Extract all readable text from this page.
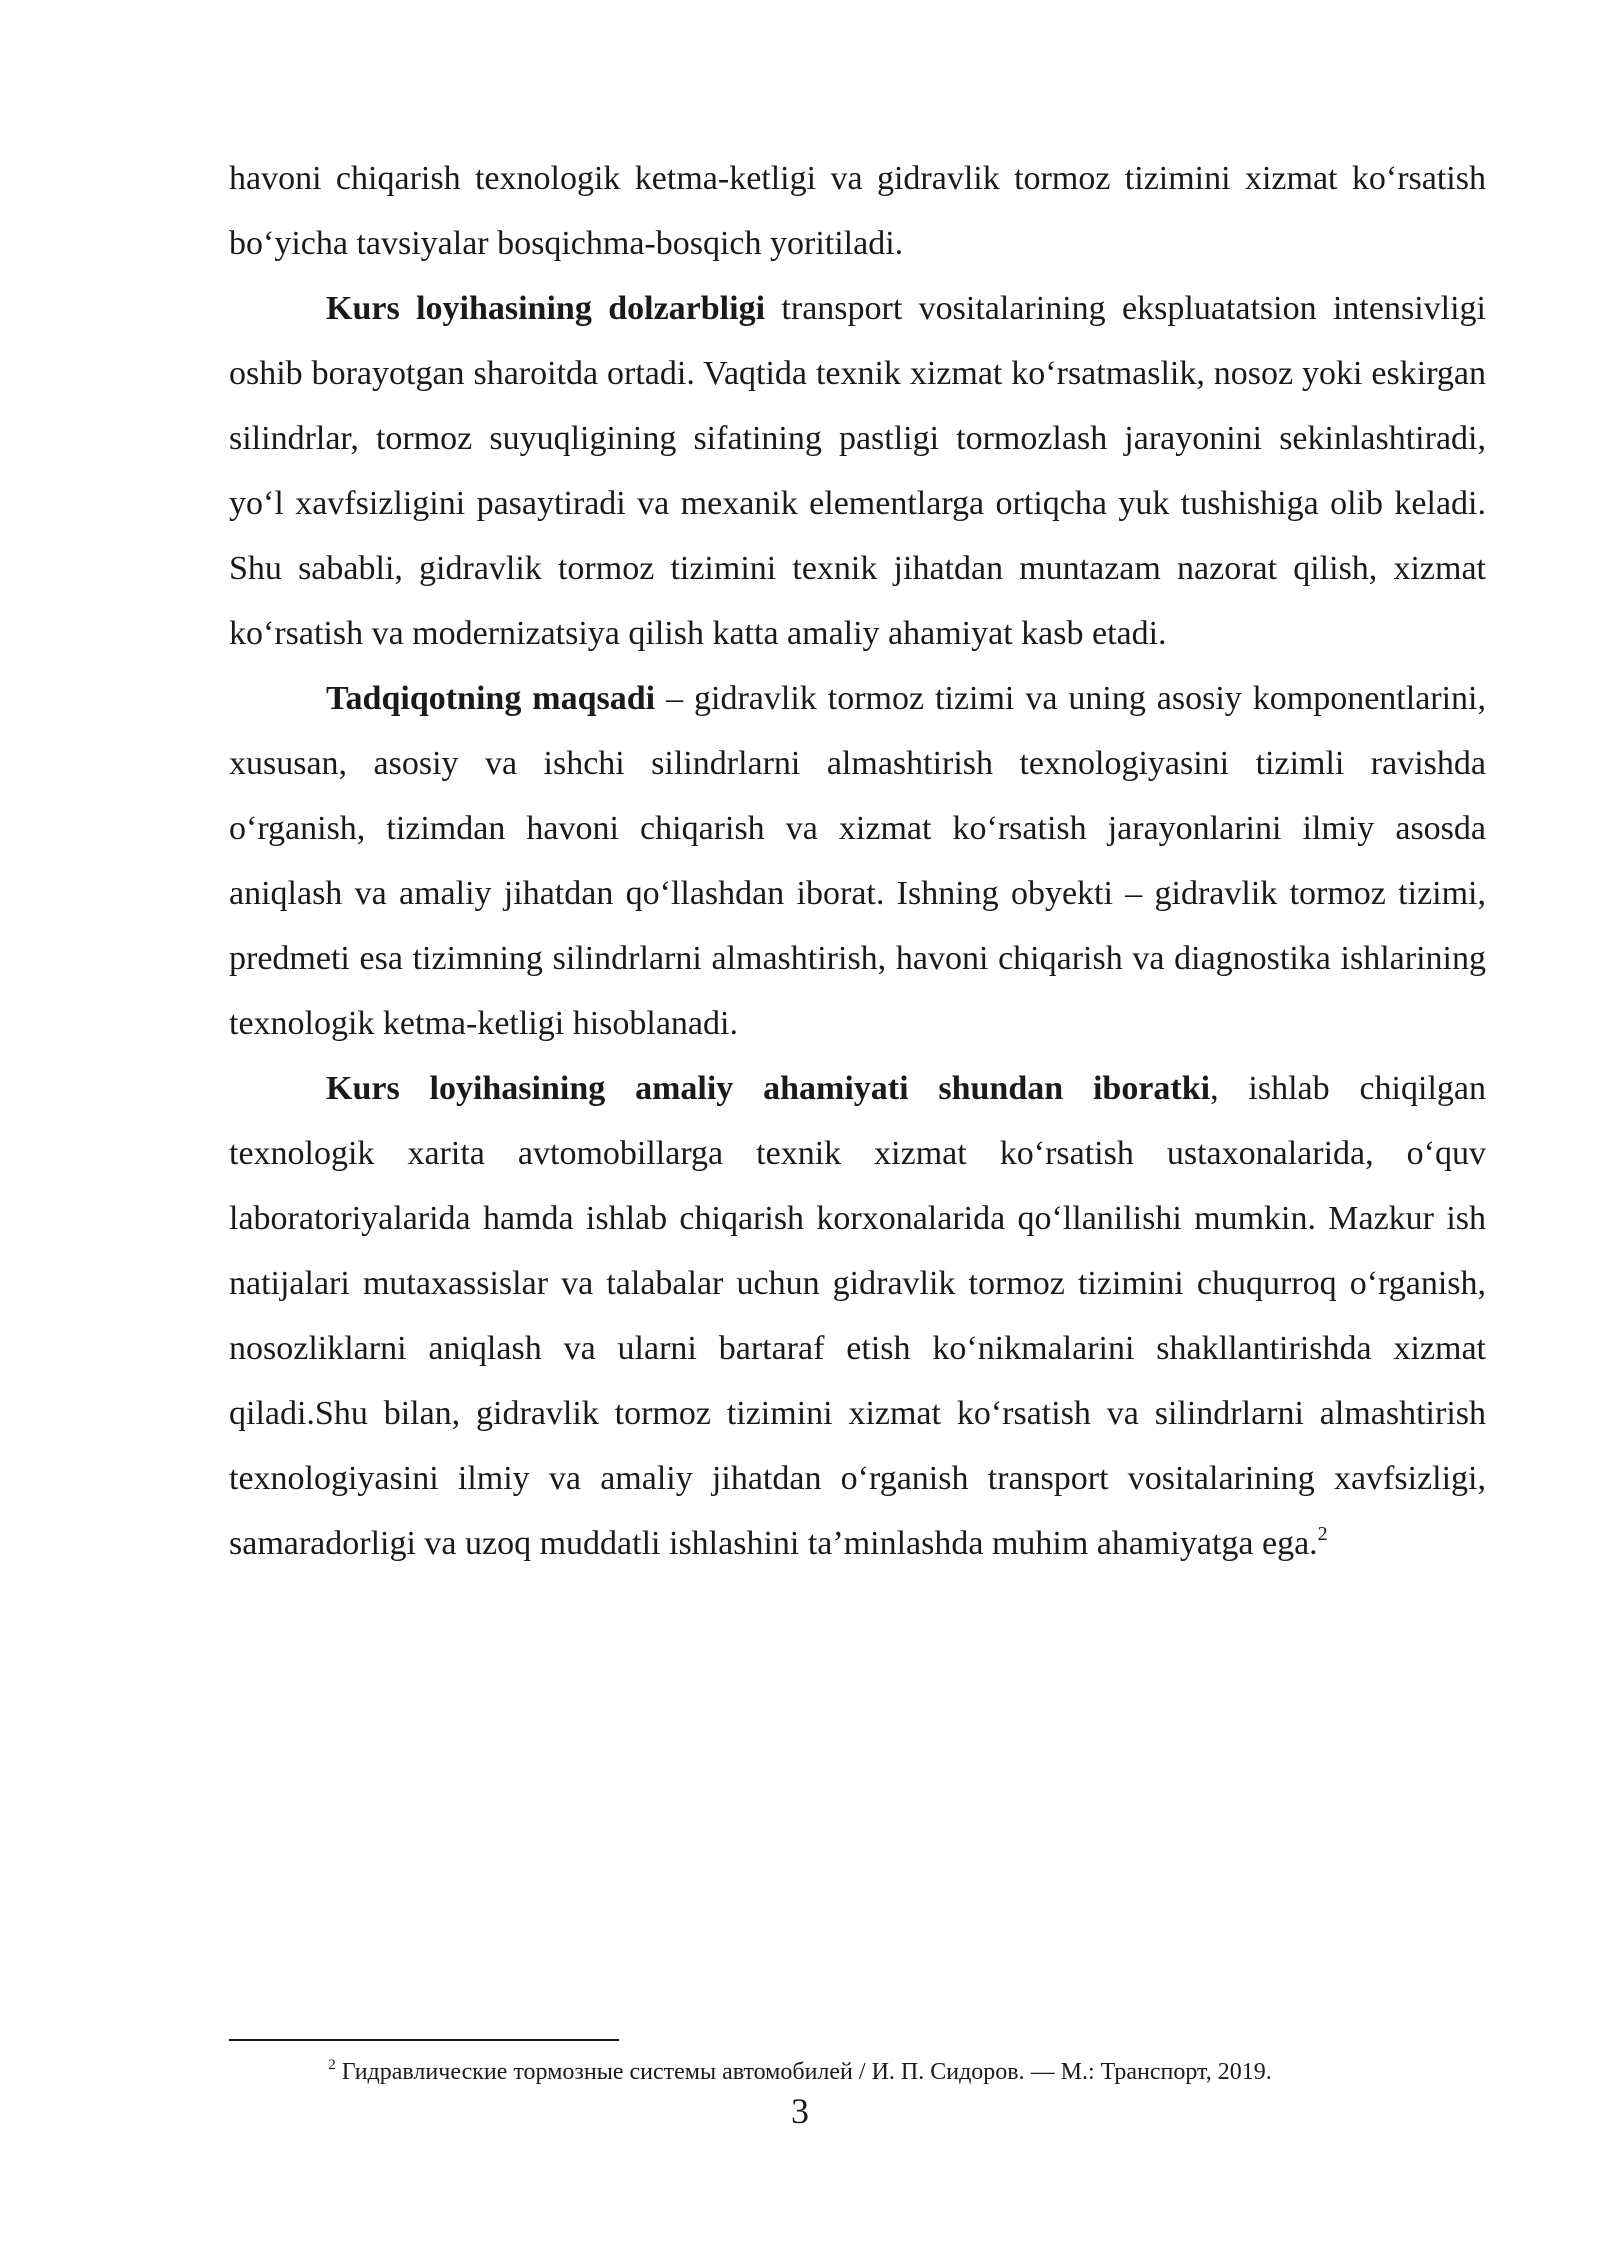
havoni chiqarish texnologik ketma-ketligi va gidravlik tormoz tizimini xizmat ko‘rsatish bo‘yicha tavsiyalar bosqichma-bosqich yoritiladi.

Kurs loyihasining dolzarbligi transport vositalarining ekspluatatsion intensivligi oshib borayotgan sharoitda ortadi. Vaqtida texnik xizmat ko‘rsatmaslik, nosoz yoki eskirgan silindrlar, tormoz suyuqligining sifatining pastligi tormozlash jarayonini sekinlashtiradi, yo‘l xavfsizligini pasaytiradi va mexanik elementlarga ortiqcha yuk tushishiga olib keladi. Shu sababli, gidravlik tormoz tizimini texnik jihatdan muntazam nazorat qilish, xizmat ko‘rsatish va modernizatsiya qilish katta amaliy ahamiyat kasb etadi.

Tadqiqotning maqsadi – gidravlik tormoz tizimi va uning asosiy komponentlarini, xususan, asosiy va ishchi silindrlarni almashtirish texnologiyasini tizimli ravishda o‘rganish, tizimdan havoni chiqarish va xizmat ko‘rsatish jarayonlarini ilmiy asosda aniqlash va amaliy jihatdan qo‘llashdan iborat. Ishning obyekti – gidravlik tormoz tizimi, predmeti esa tizimning silindrlarni almashtirish, havoni chiqarish va diagnostika ishlarining texnologik ketma-ketligi hisoblanadi.

Kurs loyihasining amaliy ahamiyati shundan iboratki, ishlab chiqilgan texnologik xarita avtomobillarga texnik xizmat ko‘rsatish ustaxonalarida, o‘quv laboratoriyalarida hamda ishlab chiqarish korxonalarida qo‘llanilishi mumkin. Mazkur ish natijalari mutaxassislar va talabalar uchun gidravlik tormoz tizimini chuqurroq o‘rganish, nosozliklarni aniqlash va ularni bartaraf etish ko‘nikmalarini shakllantirishda xizmat qiladi.Shu bilan, gidravlik tormoz tizimini xizmat ko‘rsatish va silindrlarni almashtirish texnologiyasini ilmiy va amaliy jihatdan o‘rganish transport vositalarining xavfsizligi, samaradorligi va uzoq muddatli ishlashini ta’minlashda muhim ahamiyatga ega.$^2$

$^2$ Гидравлические тормозные системы автомобилей / И. П. Сидоров. — М.: Транспорт, 2019.
3
